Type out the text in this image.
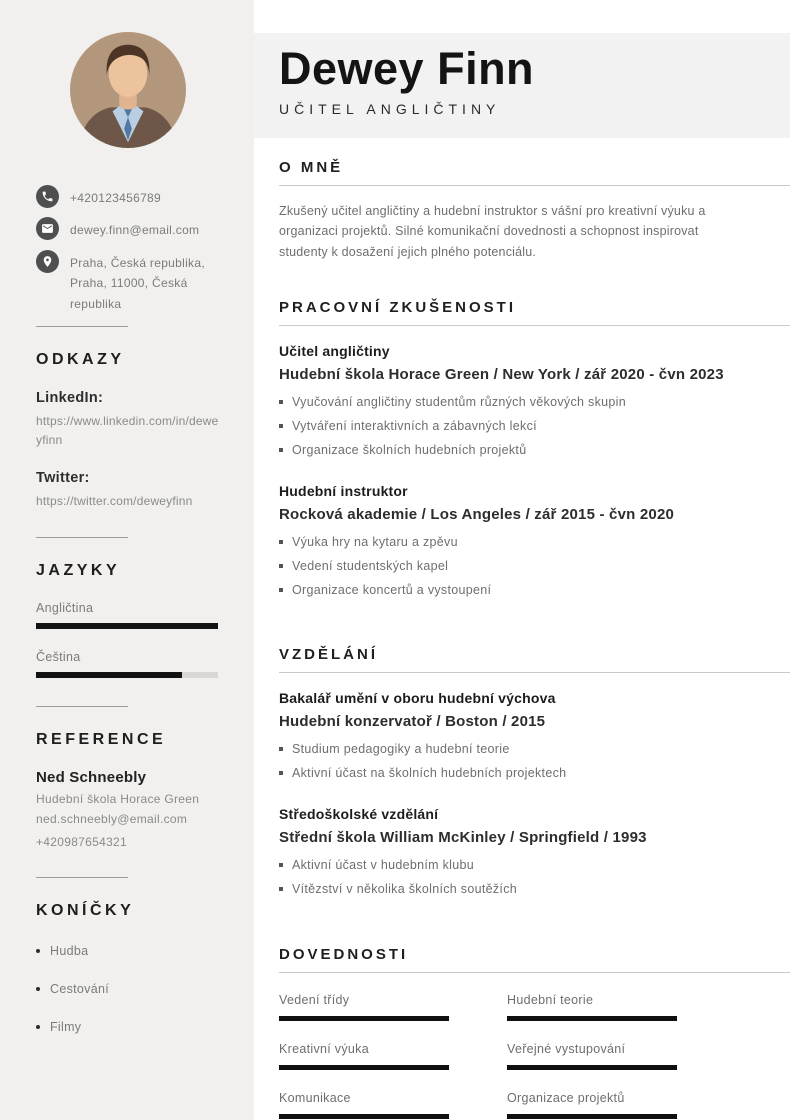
+420123456789
dewey.finn@email.com
Praha, Česká republika, Praha, 11000, Česká republika
ODKAZY
LinkedIn:
https://www.linkedin.com/in/deweyfinn
Twitter:
https://twitter.com/deweyfinn
JAZYKY
Angličtina
Čeština
REFERENCE
Ned Schneebly
Hudební škola Horace Green
ned.schneebly@email.com
+420987654321
KONÍČKY
Hudba
Cestování
Filmy
Dewey Finn
UČITEL ANGLIČTINY
O MNĚ

Zkušený učitel angličtiny a hudební instruktor s vášní pro kreativní výuku a organizaci projektů. Silné komunikační dovednosti a schopnost inspirovat studenty k dosažení jejich plného potenciálu.

PRACOVNÍ ZKUŠENOSTI
Učitel angličtiny
Hudební škola Horace Green / New York / zář 2020 - čvn 2023
Vyučování angličtiny studentům různých věkových skupin
Vytváření interaktivních a zábavných lekcí
Organizace školních hudebních projektů
Hudební instruktor
Rocková akademie / Los Angeles / zář 2015 - čvn 2020
Výuka hry na kytaru a zpěvu
Vedení studentských kapel
Organizace koncertů a vystoupení
VZDĚLÁNÍ
Bakalář umění v oboru hudební výchova
Hudební konzervatoř / Boston / 2015
Studium pedagogiky a hudební teorie
Aktivní účast na školních hudebních projektech
Středoškolské vzdělání
Střední škola William McKinley / Springfield / 1993
Aktivní účast v hudebním klubu
Vítězství v několika školních soutěžích
DOVEDNOSTI
Vedení třídy	Hudební teorie
Kreativní výuka	Veřejné vystupování
Komunikace	Organizace projektů
